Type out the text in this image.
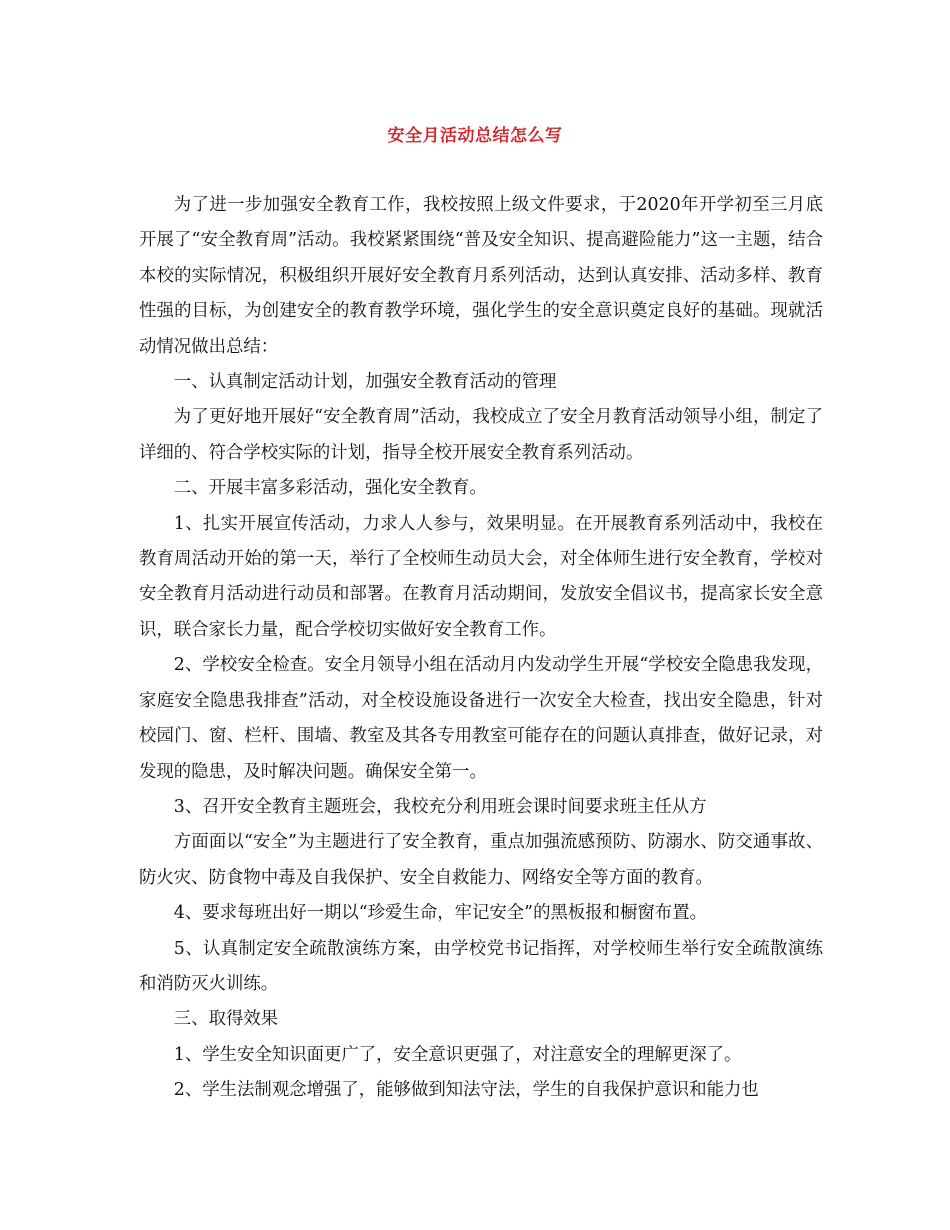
安全月活动总结怎么写

为了进一步加强安全教育工作，我校按照上级文件要求，于2020年开学初至三月底开展了“安全教育周”活动。我校紧紧围绕“普及安全知识、提高避险能力”这一主题，结合本校的实际情况，积极组织开展好安全教育月系列活动，达到认真安排、活动多样、教育性强的目标，为创建安全的教育教学环境，强化学生的安全意识奠定良好的基础。现就活动情况做出总结：

一、认真制定活动计划，加强安全教育活动的管理

为了更好地开展好“安全教育周”活动，我校成立了安全月教育活动领导小组，制定了详细的、符合学校实际的计划，指导全校开展安全教育系列活动。

二、开展丰富多彩活动，强化安全教育。

1、扎实开展宣传活动，力求人人参与，效果明显。在开展教育系列活动中，我校在教育周活动开始的第一天，举行了全校师生动员大会，对全体师生进行安全教育，学校对安全教育月活动进行动员和部署。在教育月活动期间，发放安全倡议书，提高家长安全意识，联合家长力量，配合学校切实做好安全教育工作。

2、学校安全检查。安全月领导小组在活动月内发动学生开展“学校安全隐患我发现，家庭安全隐患我排查”活动，对全校设施设备进行一次安全大检查，找出安全隐患，针对校园门、窗、栏杆、围墙、教室及其各专用教室可能存在的问题认真排查，做好记录，对发现的隐患，及时解决问题。确保安全第一。

3、召开安全教育主题班会，我校充分利用班会课时间要求班主任从方

方面面以“安全”为主题进行了安全教育，重点加强流感预防、防溺水、防交通事故、防火灾、防食物中毒及自我保护、安全自救能力、网络安全等方面的教育。

4、要求每班出好一期以“珍爱生命，牢记安全”的黑板报和橱窗布置。

5、认真制定安全疏散演练方案，由学校党书记指挥，对学校师生举行安全疏散演练和消防灭火训练。

三、取得效果

1、学生安全知识面更广了，安全意识更强了，对注意安全的理解更深了。

2、学生法制观念增强了，能够做到知法守法，学生的自我保护意识和能力也
